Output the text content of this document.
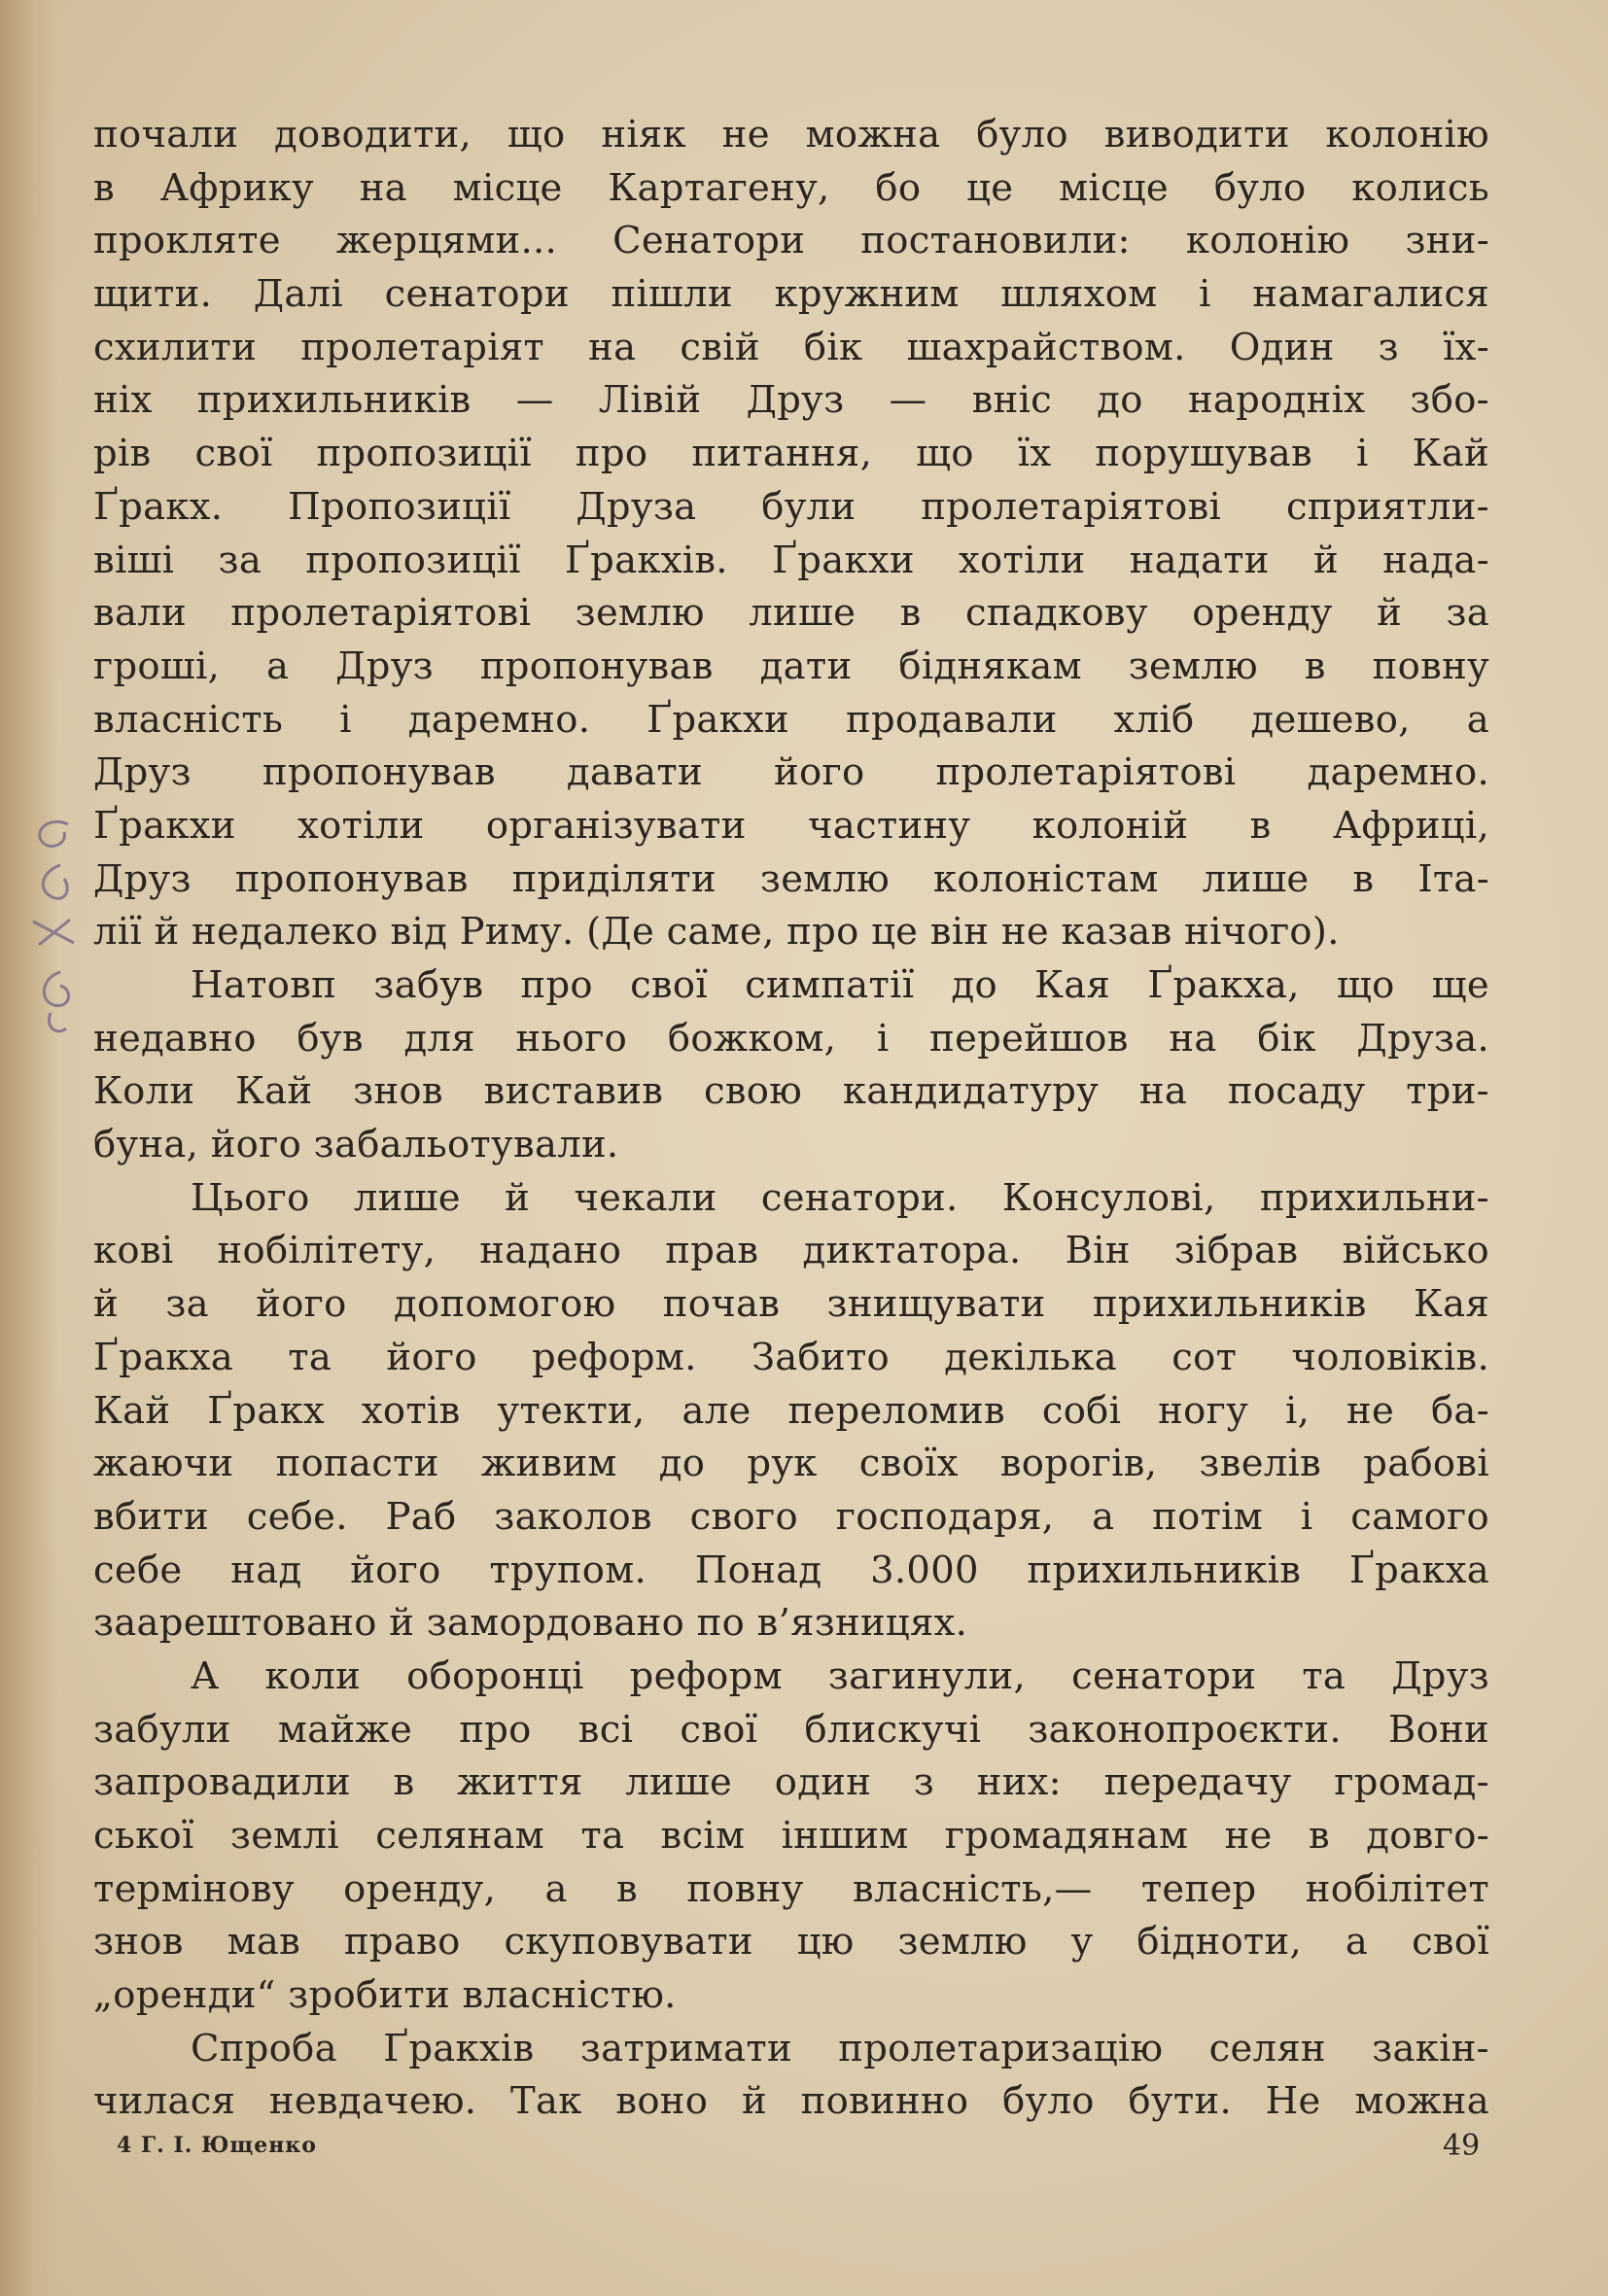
почали доводити, що ніяк не можна було виводити колонію
в Африку на місце Картагену, бо це місце було колись
прокляте жерцями... Сенатори постановили: колонію зни-
щити. Далі сенатори пішли кружним шляхом і намагалися
схилити пролетаріят на свій бік шахрайством. Один з їх-
ніх прихильників — Лівій Друз — вніс до народніх збо-
рів свої пропозиції про питання, що їх порушував і Кай
Ґракх. Пропозиції Друза були пролетаріятові сприятли-
віші за пропозиції Ґракхів. Ґракхи хотіли надати й нада-
вали пролетаріятові землю лише в спадкову оренду й за
гроші, а Друз пропонував дати біднякам землю в повну
власність і даремно. Ґракхи продавали хліб дешево, а
Друз пропонував давати його пролетаріятові даремно.
Ґракхи хотіли організувати частину колоній в Африці,
Друз пропонував приділяти землю колоністам лише в Іта-
лії й недалеко від Риму. (Де саме, про це він не казав нічого).
Натовп забув про свої симпатії до Кая Ґракха, що ще
недавно був для нього божком, і перейшов на бік Друза.
Коли Кай знов виставив свою кандидатуру на посаду три-
буна, його забальотували.
Цього лише й чекали сенатори. Консулові, прихильни-
кові нобілітету, надано прав диктатора. Він зібрав військо
й за його допомогою почав знищувати прихильників Кая
Ґракха та його реформ. Забито декілька сот чоловіків.
Кай Ґракх хотів утекти, але переломив собі ногу і, не ба-
жаючи попасти живим до рук своїх ворогів, звелів рабові
вбити себе. Раб заколов свого господаря, а потім і самого
себе над його трупом. Понад 3.000 прихильників Ґракха
заарештовано й замордовано по в’язницях.
А коли оборонці реформ загинули, сенатори та Друз
забули майже про всі свої блискучі законопроєкти. Вони
запровадили в життя лише один з них: передачу громад-
ської землі селянам та всім іншим громадянам не в довго-
термінову оренду, а в повну власність,— тепер нобілітет
знов мав право скуповувати цю землю у бідноти, а свої
„оренди“ зробити власністю.
Спроба Ґракхів затримати пролетаризацію селян закін-
чилася невдачею. Так воно й повинно було бути. Не можна
4 Г. І. Ющенко	49
